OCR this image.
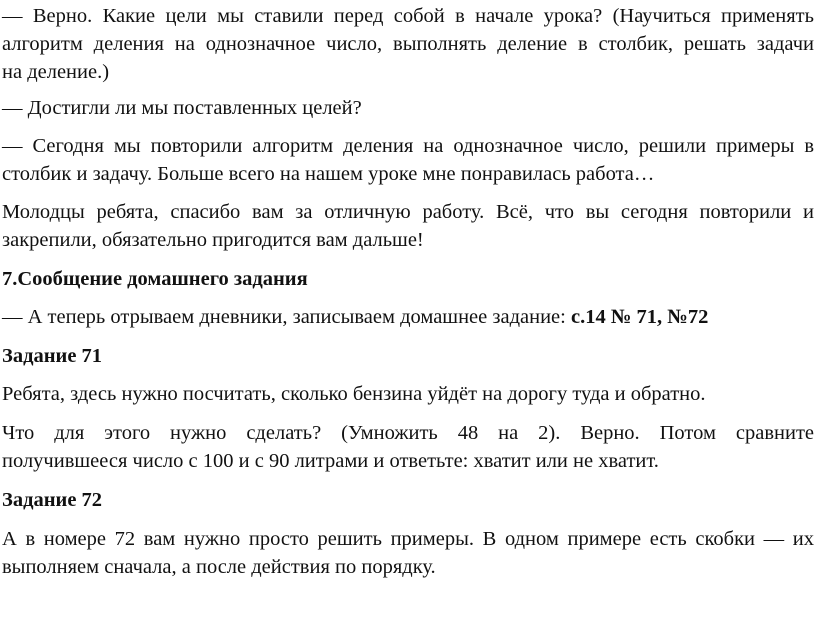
— Верно. Какие цели мы ставили перед собой в начале урока? (Научиться применять
алгоритм деления на однозначное число, выполнять деление в столбик, решать задачи
на деление.)
— Достигли ли мы поставленных целей?
— Сегодня мы повторили алгоритм деления на однозначное число, решили примеры в
столбик и задачу. Больше всего на нашем уроке мне понравилась работа…
Молодцы ребята, спасибо вам за отличную работу. Всё, что вы сегодня повторили и
закрепили, обязательно пригодится вам дальше!
7.Сообщение домашнего задания
— А теперь отрываем дневники, записываем домашнее задание: с.14 № 71, №72
Задание 71
Ребята, здесь нужно посчитать, сколько бензина уйдёт на дорогу туда и обратно.
Что для этого нужно сделать? (Умножить 48 на 2). Верно. Потом сравните
получившееся число с 100 и с 90 литрами и ответьте: хватит или не хватит.
Задание 72
А в номере 72 вам нужно просто решить примеры. В одном примере есть скобки — их
выполняем сначала, а после действия по порядку.
